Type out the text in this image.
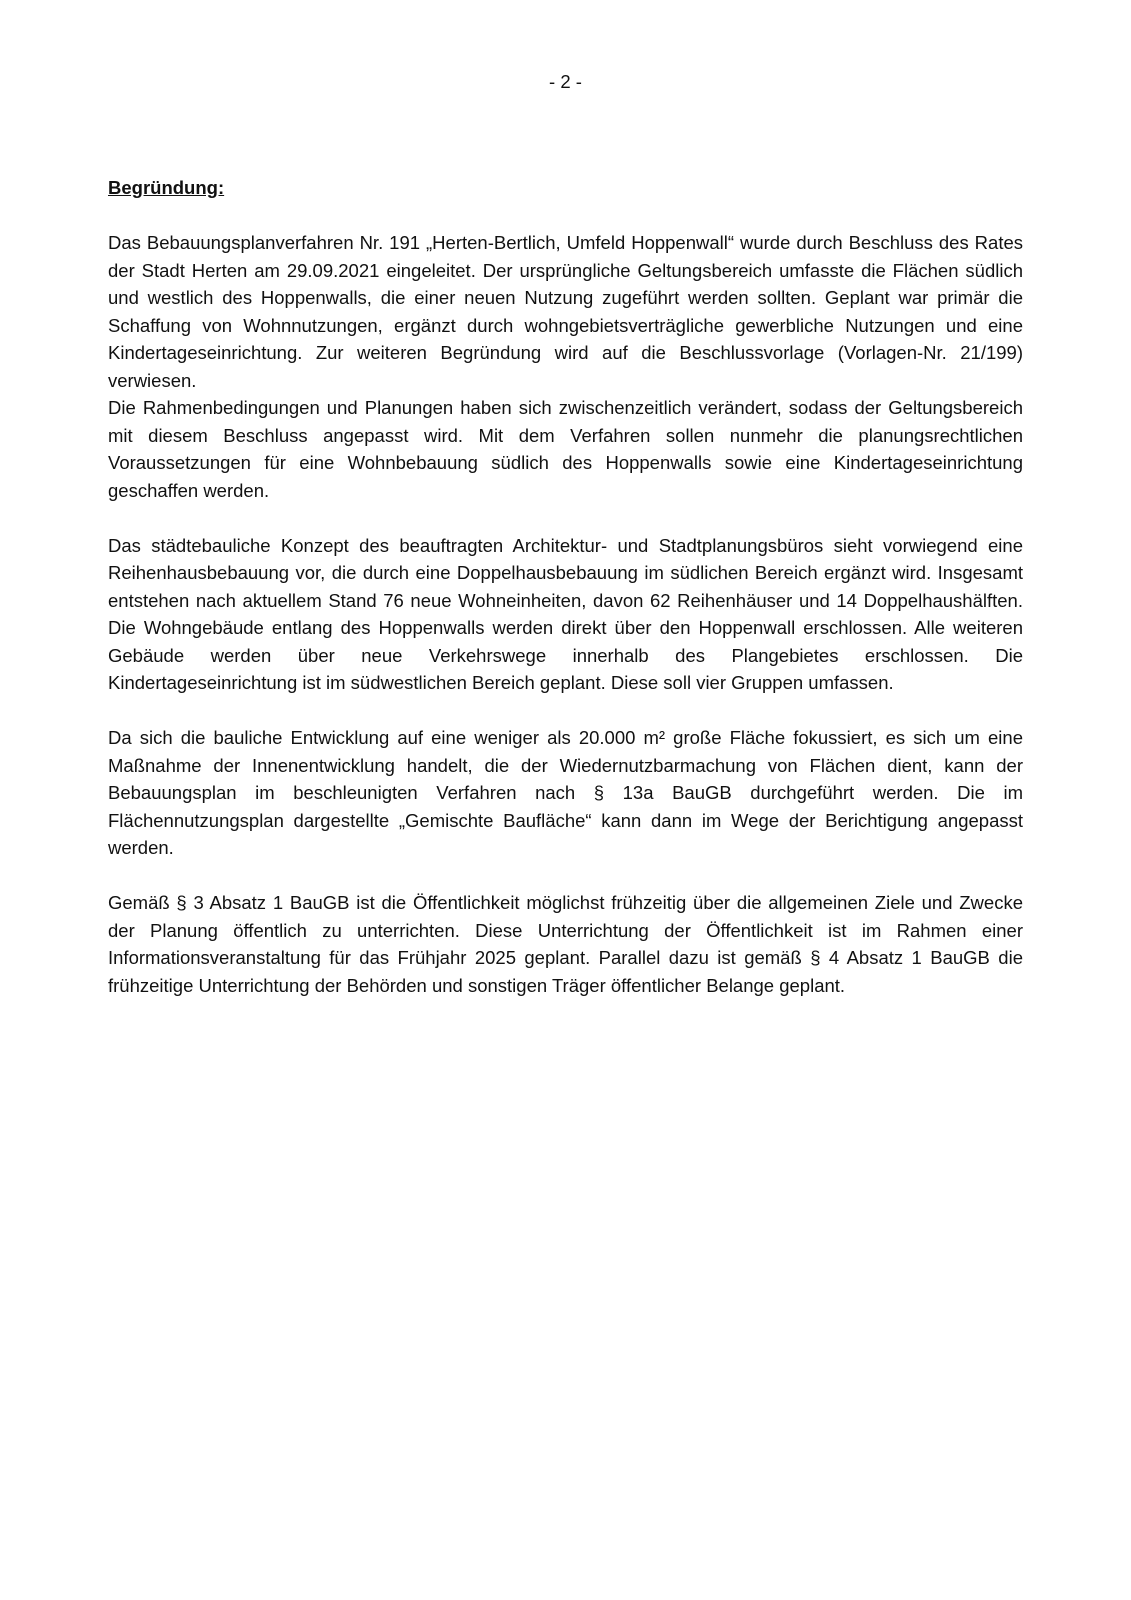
- 2 -

Begründung:

Das Bebauungsplanverfahren Nr. 191 „Herten-Bertlich, Umfeld Hoppenwall“ wurde durch Beschluss des Rates der Stadt Herten am 29.09.2021 eingeleitet. Der ursprüngliche Geltungsbereich umfasste die Flächen südlich und westlich des Hoppenwalls, die einer neuen Nutzung zugeführt werden sollten. Geplant war primär die Schaffung von Wohnnutzungen, ergänzt durch wohngebietsverträgliche gewerbliche Nutzungen und eine Kindertageseinrichtung. Zur weiteren Begründung wird auf die Beschlussvorlage (Vorlagen-Nr. 21/199) verwiesen.

Die Rahmenbedingungen und Planungen haben sich zwischenzeitlich verändert, sodass der Geltungsbereich mit diesem Beschluss angepasst wird. Mit dem Verfahren sollen nunmehr die planungsrechtlichen Voraussetzungen für eine Wohnbebauung südlich des Hoppenwalls sowie eine Kindertageseinrichtung geschaffen werden.

Das städtebauliche Konzept des beauftragten Architektur- und Stadtplanungsbüros sieht vorwiegend eine Reihenhausbebauung vor, die durch eine Doppelhausbebauung im südlichen Bereich ergänzt wird. Insgesamt entstehen nach aktuellem Stand 76 neue Wohneinheiten, davon 62 Reihenhäuser und 14 Doppelhaushälften. Die Wohngebäude entlang des Hoppenwalls werden direkt über den Hoppenwall erschlossen. Alle weiteren Gebäude werden über neue Verkehrswege innerhalb des Plangebietes erschlossen. Die Kindertageseinrichtung ist im südwestlichen Bereich geplant. Diese soll vier Gruppen umfassen.

Da sich die bauliche Entwicklung auf eine weniger als 20.000 m² große Fläche fokussiert, es sich um eine Maßnahme der Innenentwicklung handelt, die der Wiedernutzbarmachung von Flächen dient, kann der Bebauungsplan im beschleunigten Verfahren nach § 13a BauGB durchgeführt werden. Die im Flächennutzungsplan dargestellte „Gemischte Baufläche“ kann dann im Wege der Berichtigung angepasst werden.

Gemäß § 3 Absatz 1 BauGB ist die Öffentlichkeit möglichst frühzeitig über die allgemeinen Ziele und Zwecke der Planung öffentlich zu unterrichten. Diese Unterrichtung der Öffentlichkeit ist im Rahmen einer Informationsveranstaltung für das Frühjahr 2025 geplant. Parallel dazu ist gemäß § 4 Absatz 1 BauGB die frühzeitige Unterrichtung der Behörden und sonstigen Träger öffentlicher Belange geplant.
